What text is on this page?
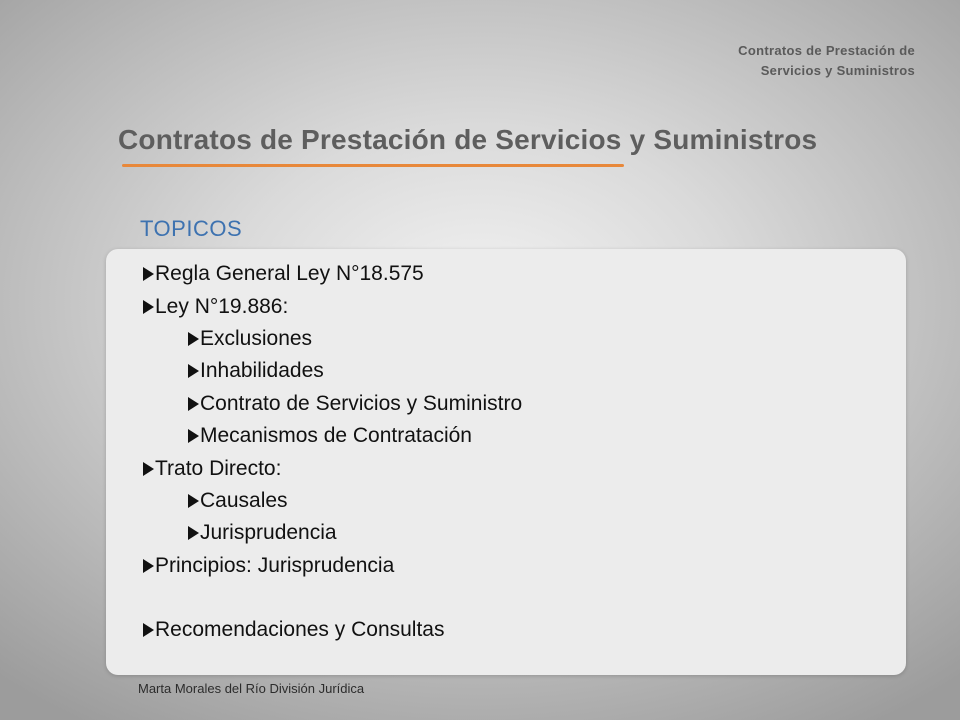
Contratos de Prestación de
Servicios y Suministros
Contratos de Prestación de Servicios y Suministros
TOPICOS
Regla General Ley N°18.575
Ley N°19.886:
Exclusiones
Inhabilidades
Contrato de Servicios y Suministro
Mecanismos de Contratación
Trato Directo:
Causales
Jurisprudencia
Principios: Jurisprudencia
Recomendaciones y Consultas
Marta Morales del Río División Jurídica
